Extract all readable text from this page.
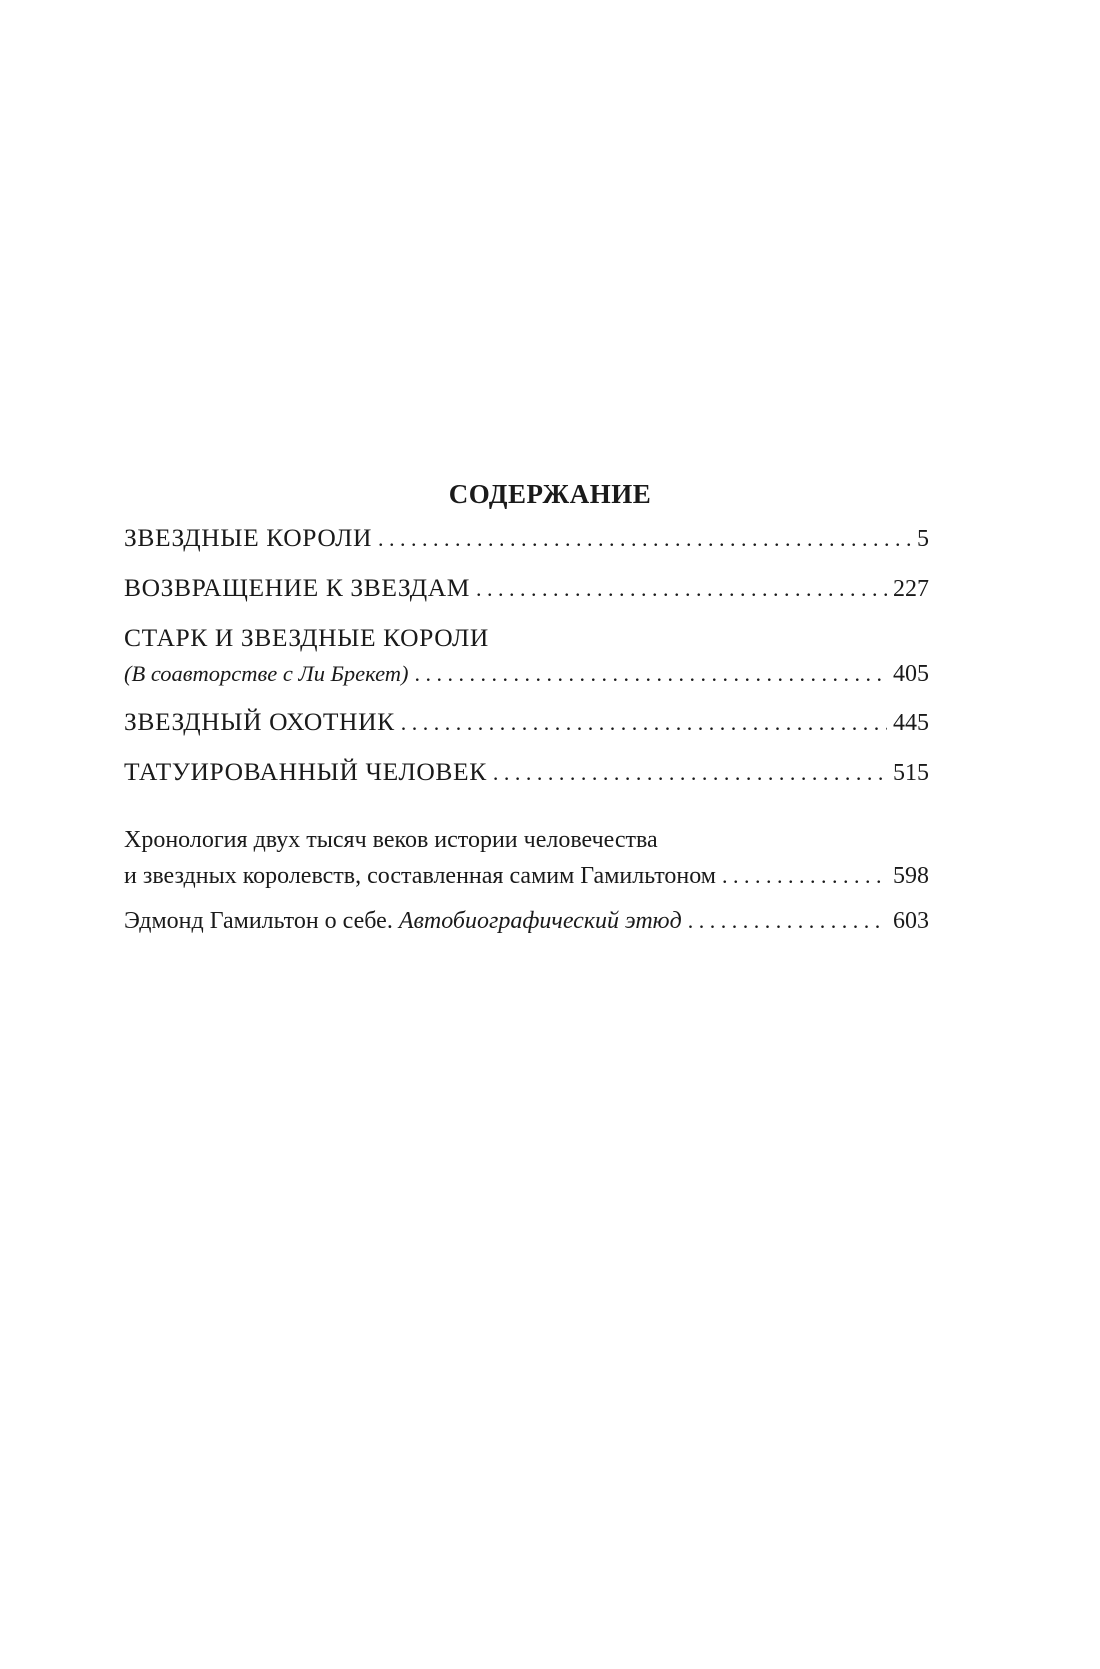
СОДЕРЖАНИЕ
ЗВЕЗДНЫЕ КОРОЛИ . . .	5
ВОЗВРАЩЕНИЕ К ЗВЕЗДАМ . . .	227
СТАРК И ЗВЕЗДНЫЕ КОРОЛИ
(В соавторстве с Ли Брекет) . . .	405
ЗВЕЗДНЫЙ ОХОТНИК . . .	445
ТАТУИРОВАННЫЙ ЧЕЛОВЕК . . .	515
Хронология двух тысяч веков истории человечества
и звездных королевств, составленная самим Гамильтоном . . .	598
Эдмонд Гамильтон о себе. Автобиографический этюд . . .	603
